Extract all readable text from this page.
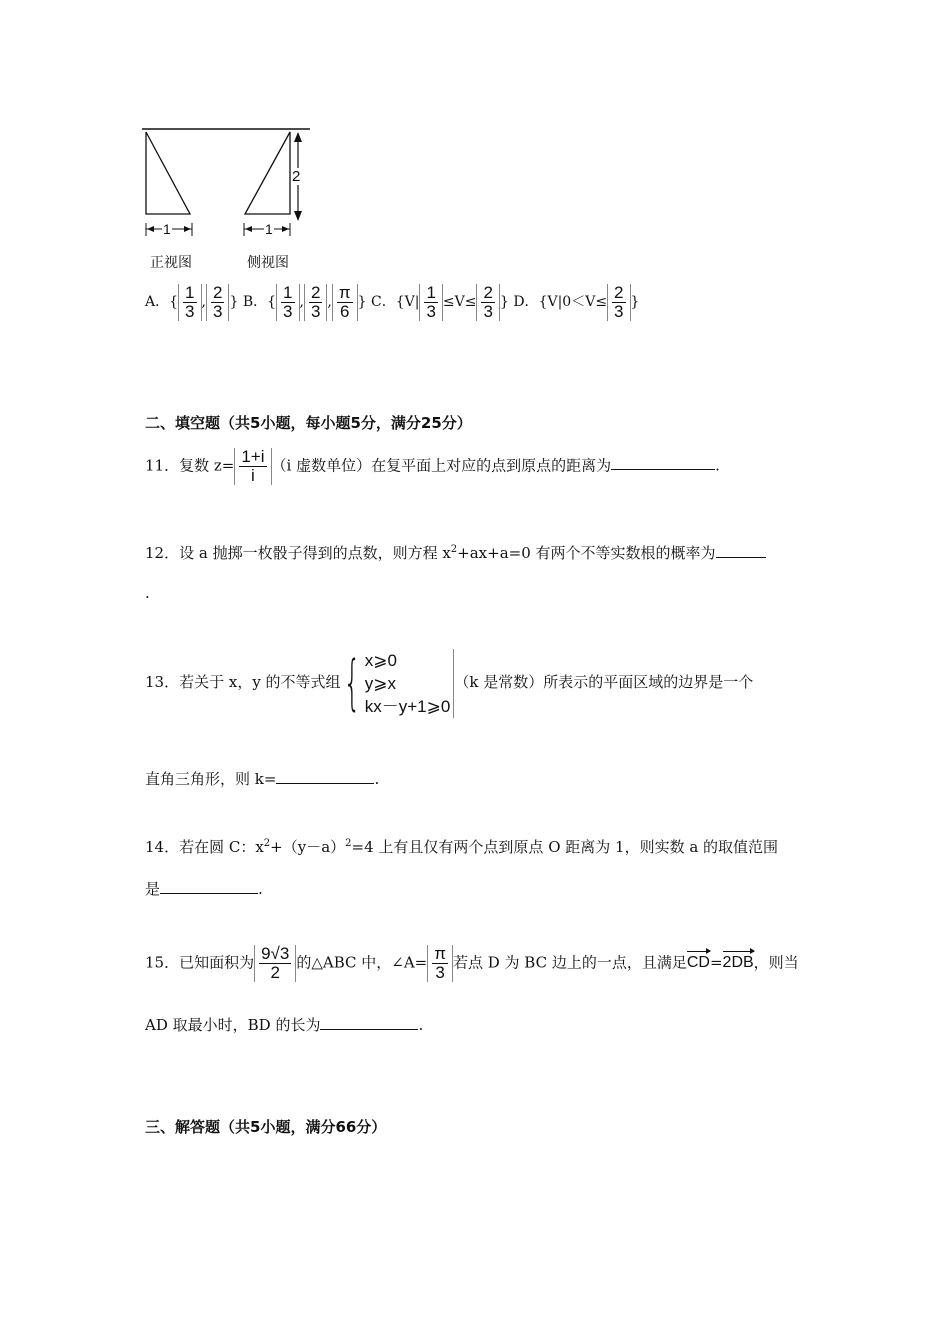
1	1
2
正视图	侧视图
A．{ $\frac{1}{3}$ , $\frac{2}{3}$ } B．{ $\frac{1}{3}$ , $\frac{2}{3}$ , $\frac{\pi}{6}$ } C．{$V| \frac{1}{3} \le V\le \frac{2}{3}$ } D．{$V|0<V\le \frac{2}{3}$ }
二、填空题（共5小题，每小题5分，满分25分）
11．复数 $z= \frac{1+i}{i} (i$ 虚数单位）在复平面上对应的点到原点的距离为	.
12．设 a 抛掷一枚骰子得到的点数，则方程 $x^2+ax+a=0$ 有两个不等实数根的概率为
.
13．若关于 x，y 的不等式组{ x⩾0
y⩾x
kx－y+1⩾0
（k 是常数）所表示的平面区域的边界是一个
直角三角形，则 k=	.
14．若在圆 C：$x^2+(y-a)^2=4$ 上有且仅有两个点到原点 O 距离为 1，则实数 a 的取值范围
是	.
15．已知面积为 $\frac{9√3}{2}$ 的△ABC 中，∠A= $\frac{\pi}{3}$ 若点 D 为 BC 边上的一点，且满足CD=2DB，则当
AD 取最小时，BD 的长为	.
三、解答题（共5小题，满分66分）
